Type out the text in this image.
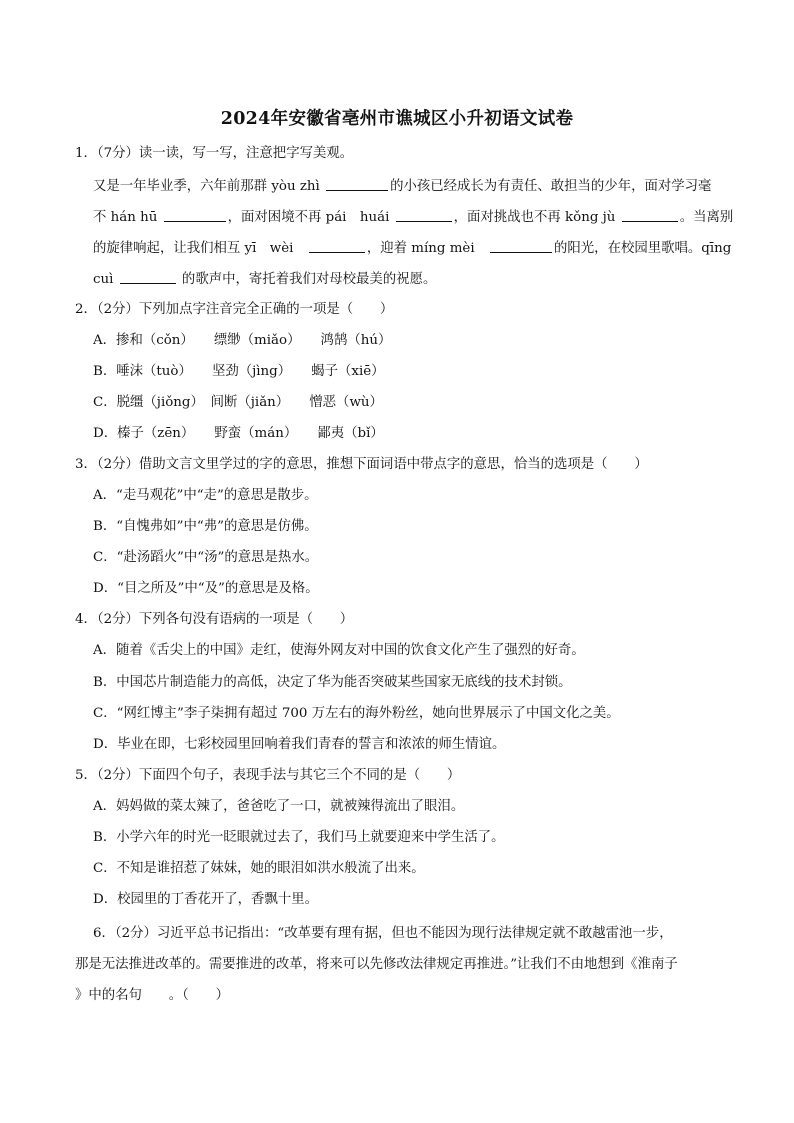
2024年安徽省亳州市谯城区小升初语文试卷
1．（7分）读一读，写一写，注意把字写美观。
又是一年毕业季，六年前那群 yòu zhì	的小孩已经成长为有责任、敢担当的少年，面对学习毫
不 hán hū	，面对困境不再 pái　huái	，面对挑战也不再 kǒng jù	。当离别
的旋律响起，让我们相互 yī　wèi　	，迎着 míng mèi　	的阳光，在校园里歌唱。qīng
cuì	的歌声中，寄托着我们对母校最美的祝愿。
2．（2分）下列加点字注音完全正确的一项是（　　）
A．掺和（cǒn）　　缥缈（miǎo）　　鸿鹄（hú）
B．唾沫（tuò）　　坚劲（jìng）　　蝎子（xiē）
C．脱缰（jiǒng）　间断（jiǎn）　　憎恶（wù）
D．榛子（zēn）　　野蛮（mán）　　鄙夷（bǐ）
3．（2分）借助文言文里学过的字的意思，推想下面词语中带点字的意思，恰当的选项是（　　）
A．“走马观花”中“走”的意思是散步。
B．“自愧弗如”中“弗”的意思是仿佛。
C．“赴汤蹈火”中“汤”的意思是热水。
D．“目之所及”中“及”的意思是及格。
4．（2分）下列各句没有语病的一项是（　　）
A．随着《舌尖上的中国》走红，使海外网友对中国的饮食文化产生了强烈的好奇。
B．中国芯片制造能力的高低，决定了华为能否突破某些国家无底线的技术封锁。
C．“网红博主”李子柒拥有超过 700 万左右的海外粉丝，她向世界展示了中国文化之美。
D．毕业在即，七彩校园里回响着我们青春的誓言和浓浓的师生情谊。
5．（2分）下面四个句子，表现手法与其它三个不同的是（　　）
A．妈妈做的菜太辣了，爸爸吃了一口，就被辣得流出了眼泪。
B．小学六年的时光一眨眼就过去了，我们马上就要迎来中学生活了。
C．不知是谁招惹了妹妹，她的眼泪如洪水般流了出来。
D．校园里的丁香花开了，香飘十里。
6．（2分）习近平总书记指出：“改革要有理有据，但也不能因为现行法律规定就不敢越雷池一步，
那是无法推进改革的。需要推进的改革，将来可以先修改法律规定再推进。”让我们不由地想到《淮南子
》中的名句　　。（　　）
